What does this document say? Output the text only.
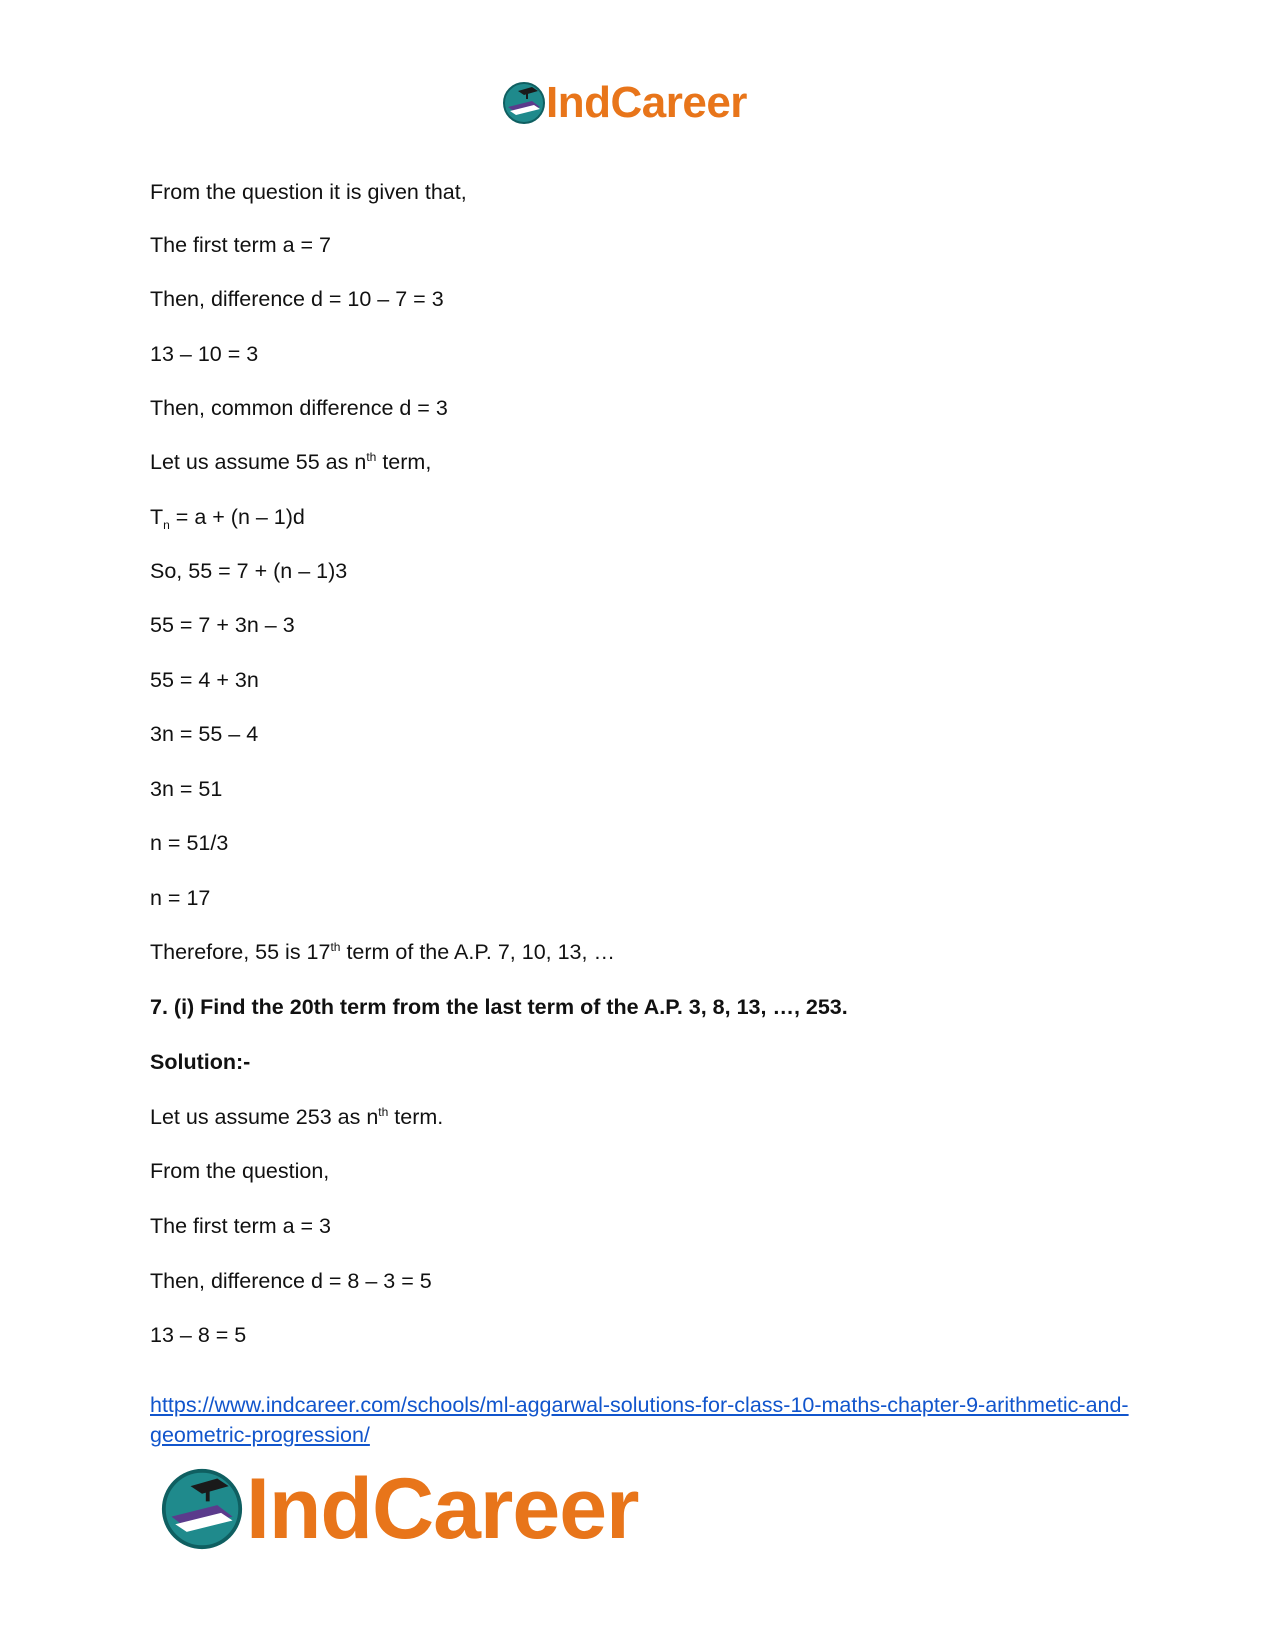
IndCareer
From the question it is given that,
The first term a = 7
Then, difference d = 10 – 7 = 3
13 – 10 = 3
Then, common difference d = 3
Let us assume 55 as $n^{th}$ term,
$T_n = a + (n - 1)d$
So, 55 = 7 + (n – 1)3
55 = 7 + 3n – 3
55 = 4 + 3n
3n = 55 – 4
3n = 51
n = 51/3
n = 17
Therefore, 55 is 17th term of the A.P. 7, 10, 13, …
7. (i) Find the 20th term from the last term of the A.P. 3, 8, 13, …, 253.
Solution:-
Let us assume 253 as $n^{th}$ term.
From the question,
The first term a = 3
Then, difference d = 8 – 3 = 5
13 – 8 = 5
https://www.indcareer.com/schools/ml-aggarwal-solutions-for-class-10-maths-chapter-9-arithmetic-and-geometric-progression/
IndCareer
